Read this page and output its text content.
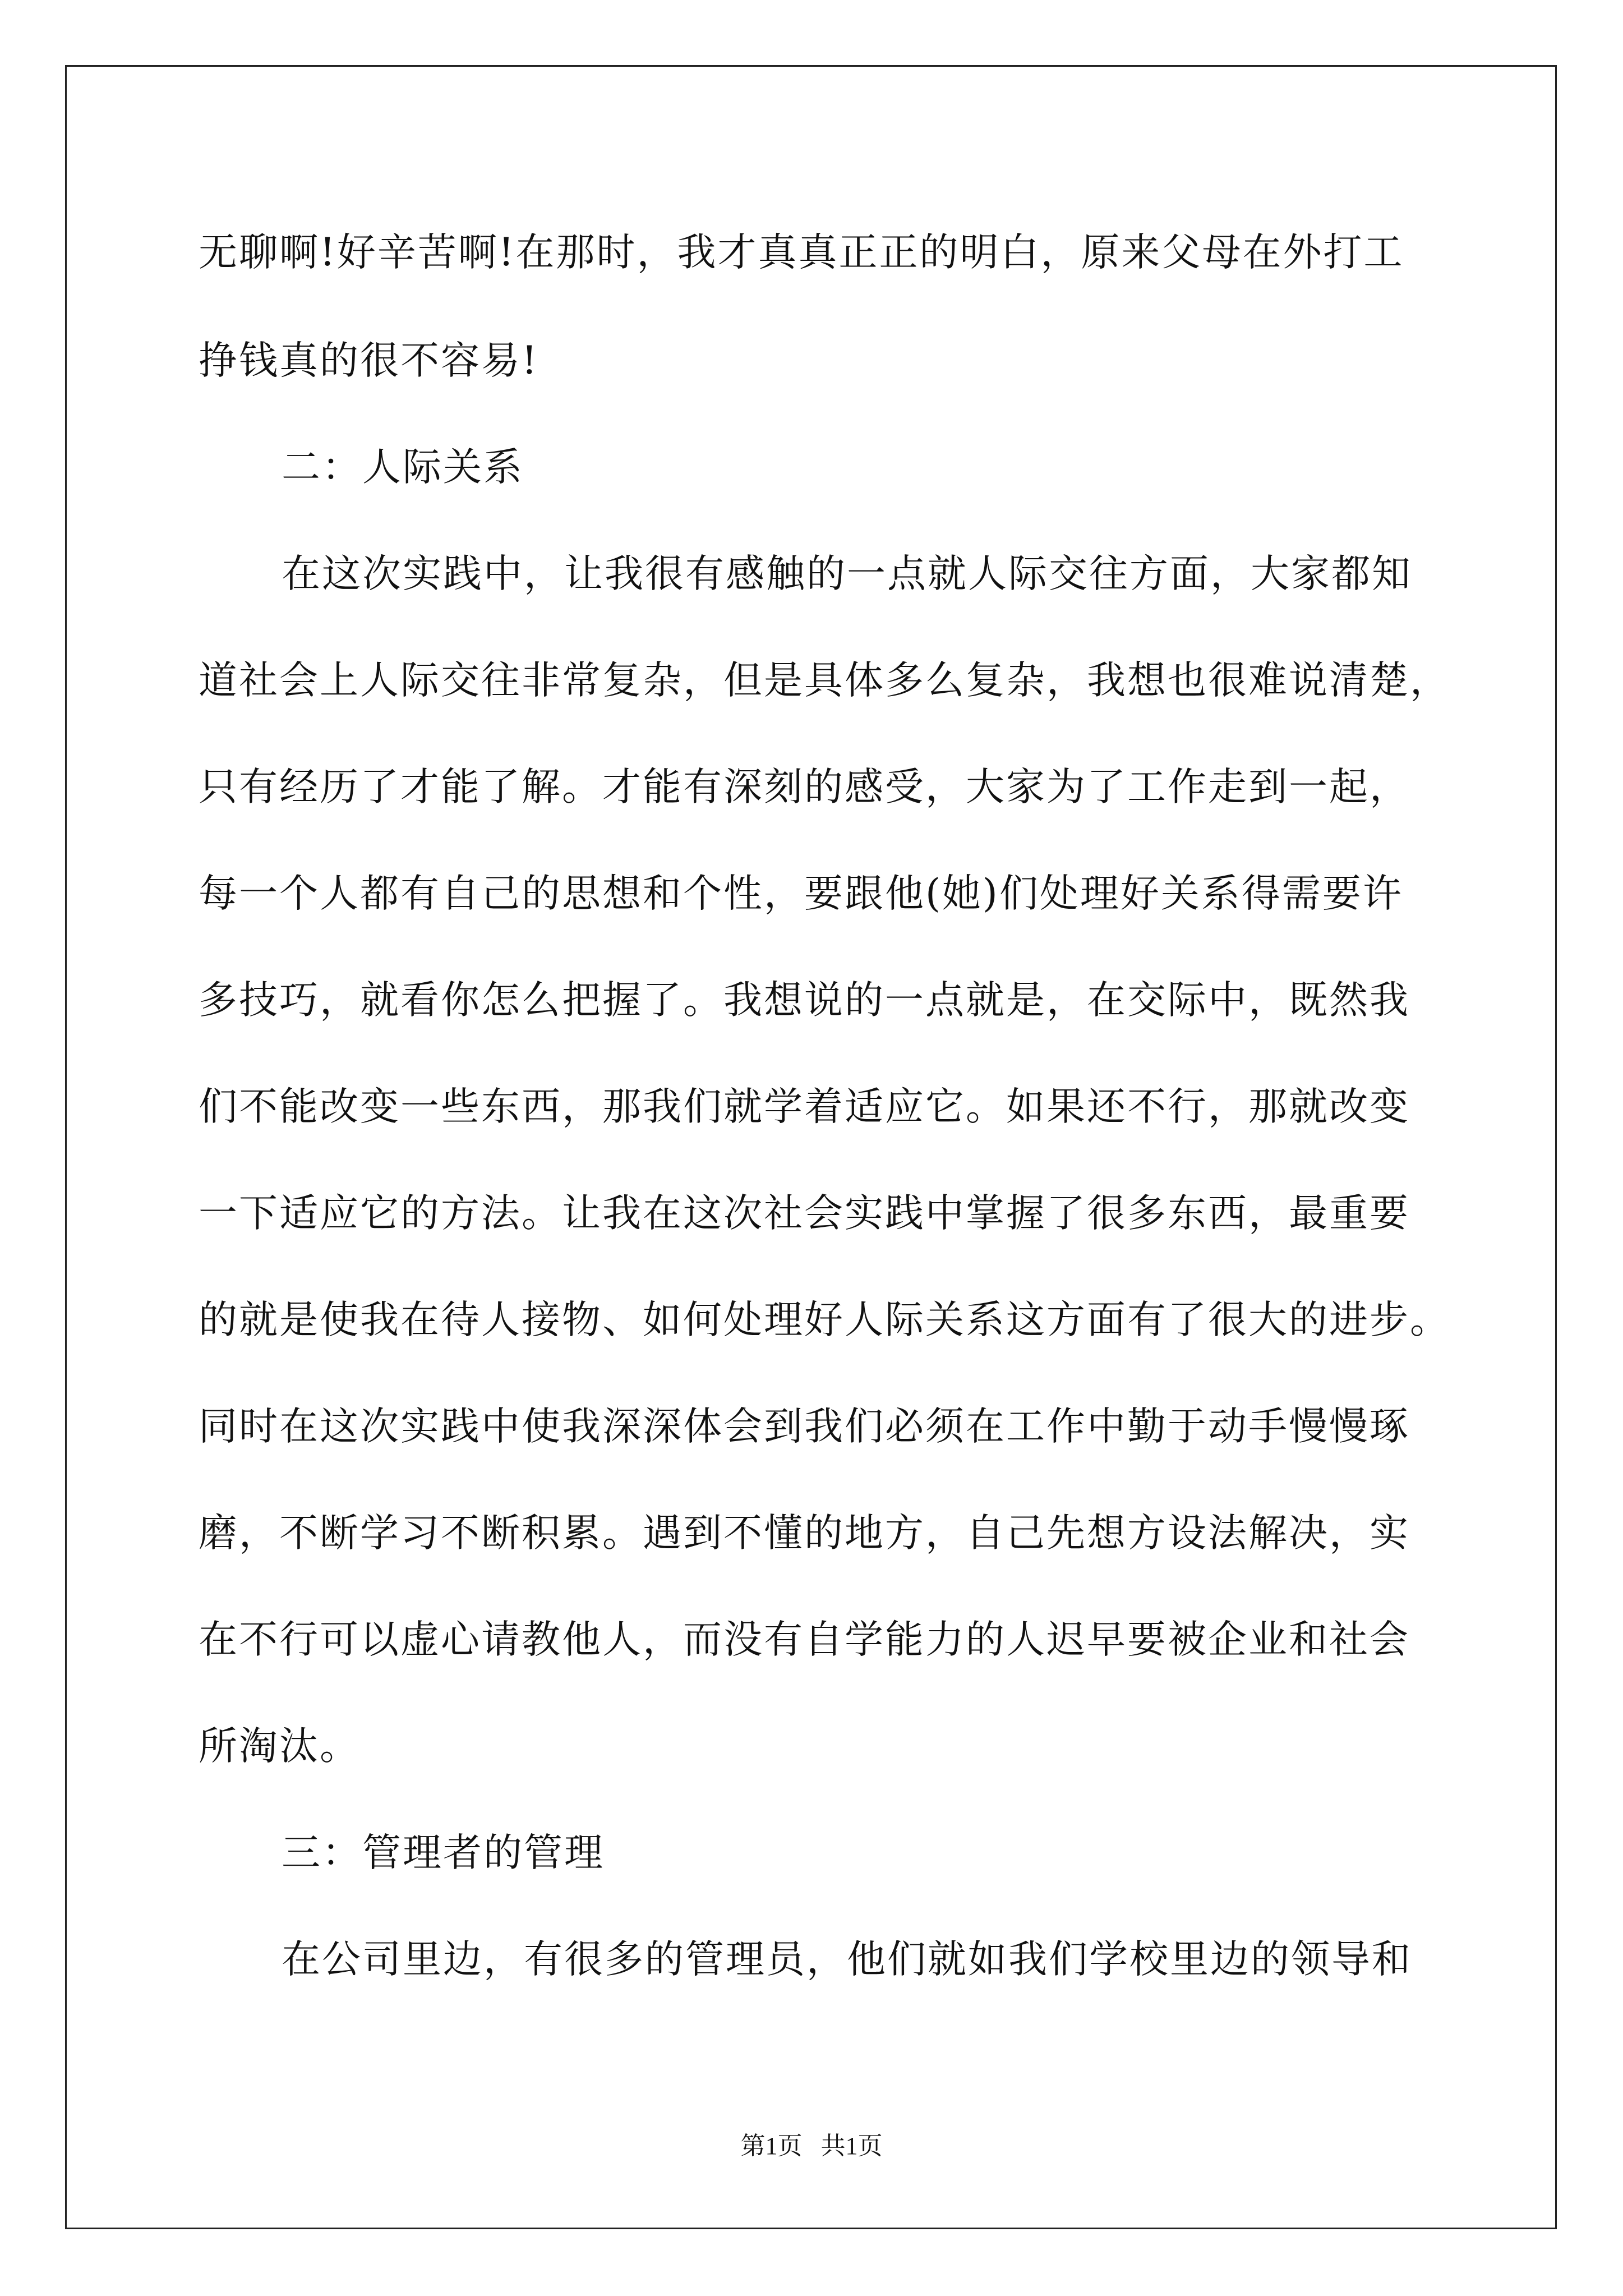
无聊啊!好辛苦啊!在那时，我才真真正正的明白，原来父母在外打工
挣钱真的很不容易!
二：人际关系
在这次实践中，让我很有感触的一点就人际交往方面，大家都知
道社会上人际交往非常复杂，但是具体多么复杂，我想也很难说清楚，
只有经历了才能了解。才能有深刻的感受，大家为了工作走到一起，
每一个人都有自己的思想和个性，要跟他(她)们处理好关系得需要许
多技巧，就看你怎么把握了。我想说的一点就是，在交际中，既然我
们不能改变一些东西，那我们就学着适应它。如果还不行，那就改变
一下适应它的方法。让我在这次社会实践中掌握了很多东西，最重要
的就是使我在待人接物、如何处理好人际关系这方面有了很大的进步。
同时在这次实践中使我深深体会到我们必须在工作中勤于动手慢慢琢
磨，不断学习不断积累。遇到不懂的地方，自己先想方设法解决，实
在不行可以虚心请教他人，而没有自学能力的人迟早要被企业和社会
所淘汰。
三：管理者的管理
在公司里边，有很多的管理员，他们就如我们学校里边的领导和
第1页   共1页
